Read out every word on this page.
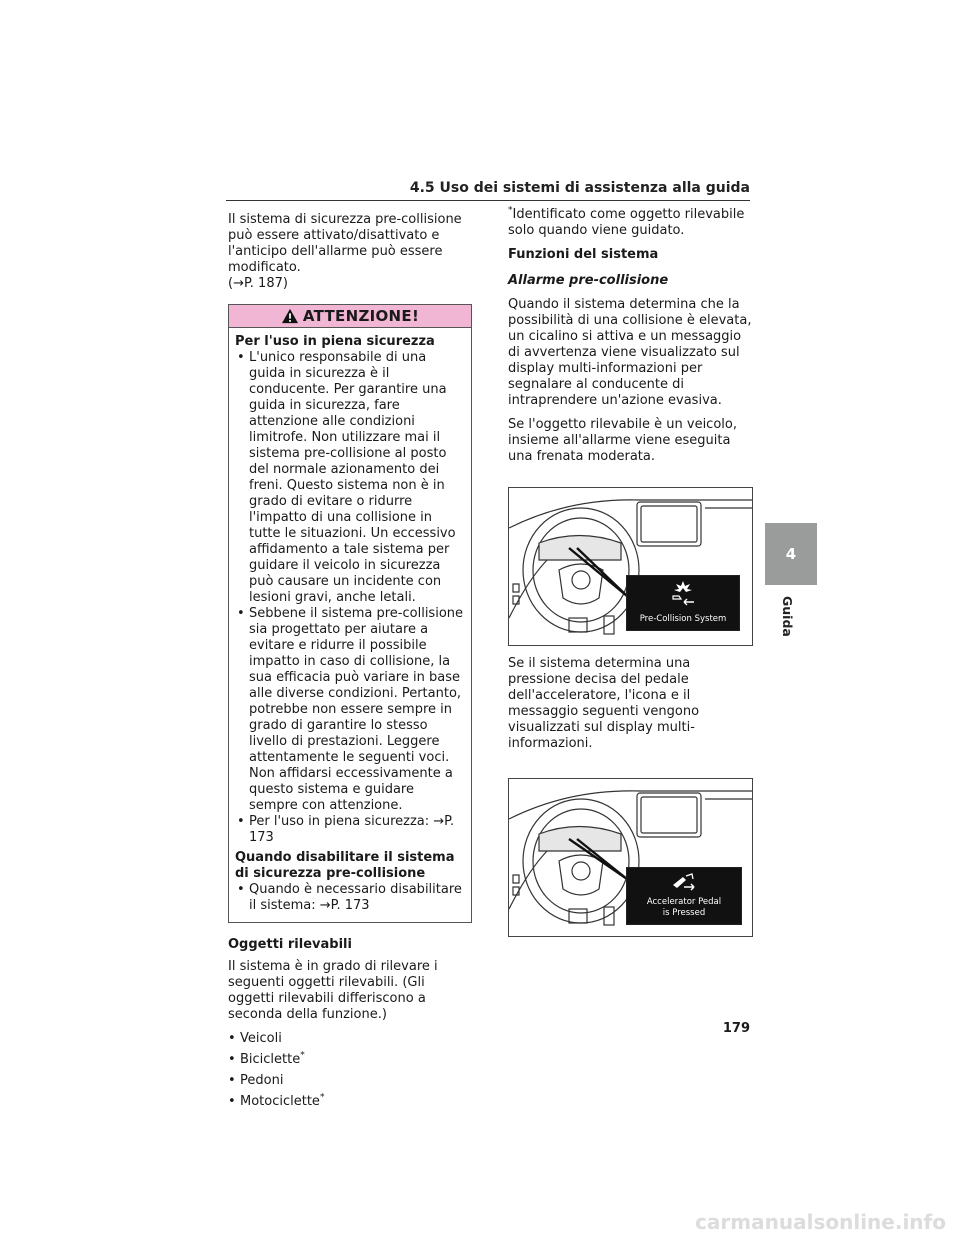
4.5 Uso dei sistemi di assistenza alla guida

Il sistema di sicurezza pre-collisione può essere attivato/disattivato e l'anticipo dell'allarme può essere modificato.
(→P. 187)

ATTENZIONE!

Per l'uso in piena sicurezza

• L'unico responsabile di una guida in sicurezza è il conducente. Per garantire una guida in sicurezza, fare attenzione alle condizioni limitrofe. Non utilizzare mai il sistema pre-collisione al posto del normale azionamento dei freni. Questo sistema non è in grado di evitare o ridurre l'impatto di una collisione in tutte le situazioni. Un eccessivo affidamento a tale sistema per guidare il veicolo in sicurezza può causare un incidente con lesioni gravi, anche letali.
• Sebbene il sistema pre-collisione sia progettato per aiutare a evitare e ridurre il possibile impatto in caso di collisione, la sua efficacia può variare in base alle diverse condizioni. Pertanto, potrebbe non essere sempre in grado di garantire lo stesso livello di prestazioni. Leggere attentamente le seguenti voci. Non affidarsi eccessivamente a questo sistema e guidare sempre con attenzione.
• Per l'uso in piena sicurezza: →P. 173

Quando disabilitare il sistema di sicurezza pre-collisione

• Quando è necessario disabilitare il sistema: →P. 173

Oggetti rilevabili

Il sistema è in grado di rilevare i seguenti oggetti rilevabili. (Gli oggetti rilevabili differiscono a seconda della funzione.)

• Veicoli
• Biciclette*
• Pedoni
• Motociclette*

*Identificato come oggetto rilevabile solo quando viene guidato.

Funzioni del sistema

Allarme pre-collisione

Quando il sistema determina che la possibilità di una collisione è elevata, un cicalino si attiva e un messaggio di avvertenza viene visualizzato sul display multi-informazioni per segnalare al conducente di intraprendere un'azione evasiva.

Se l'oggetto rilevabile è un veicolo, insieme all'allarme viene eseguita una frenata moderata.

Pre-Collision System

Se il sistema determina una pressione decisa del pedale dell'acceleratore, l'icona e il messaggio seguenti vengono visualizzati sul display multi-informazioni.

Accelerator Pedal
is Pressed
4
Guida
179
carmanualsonline.info
